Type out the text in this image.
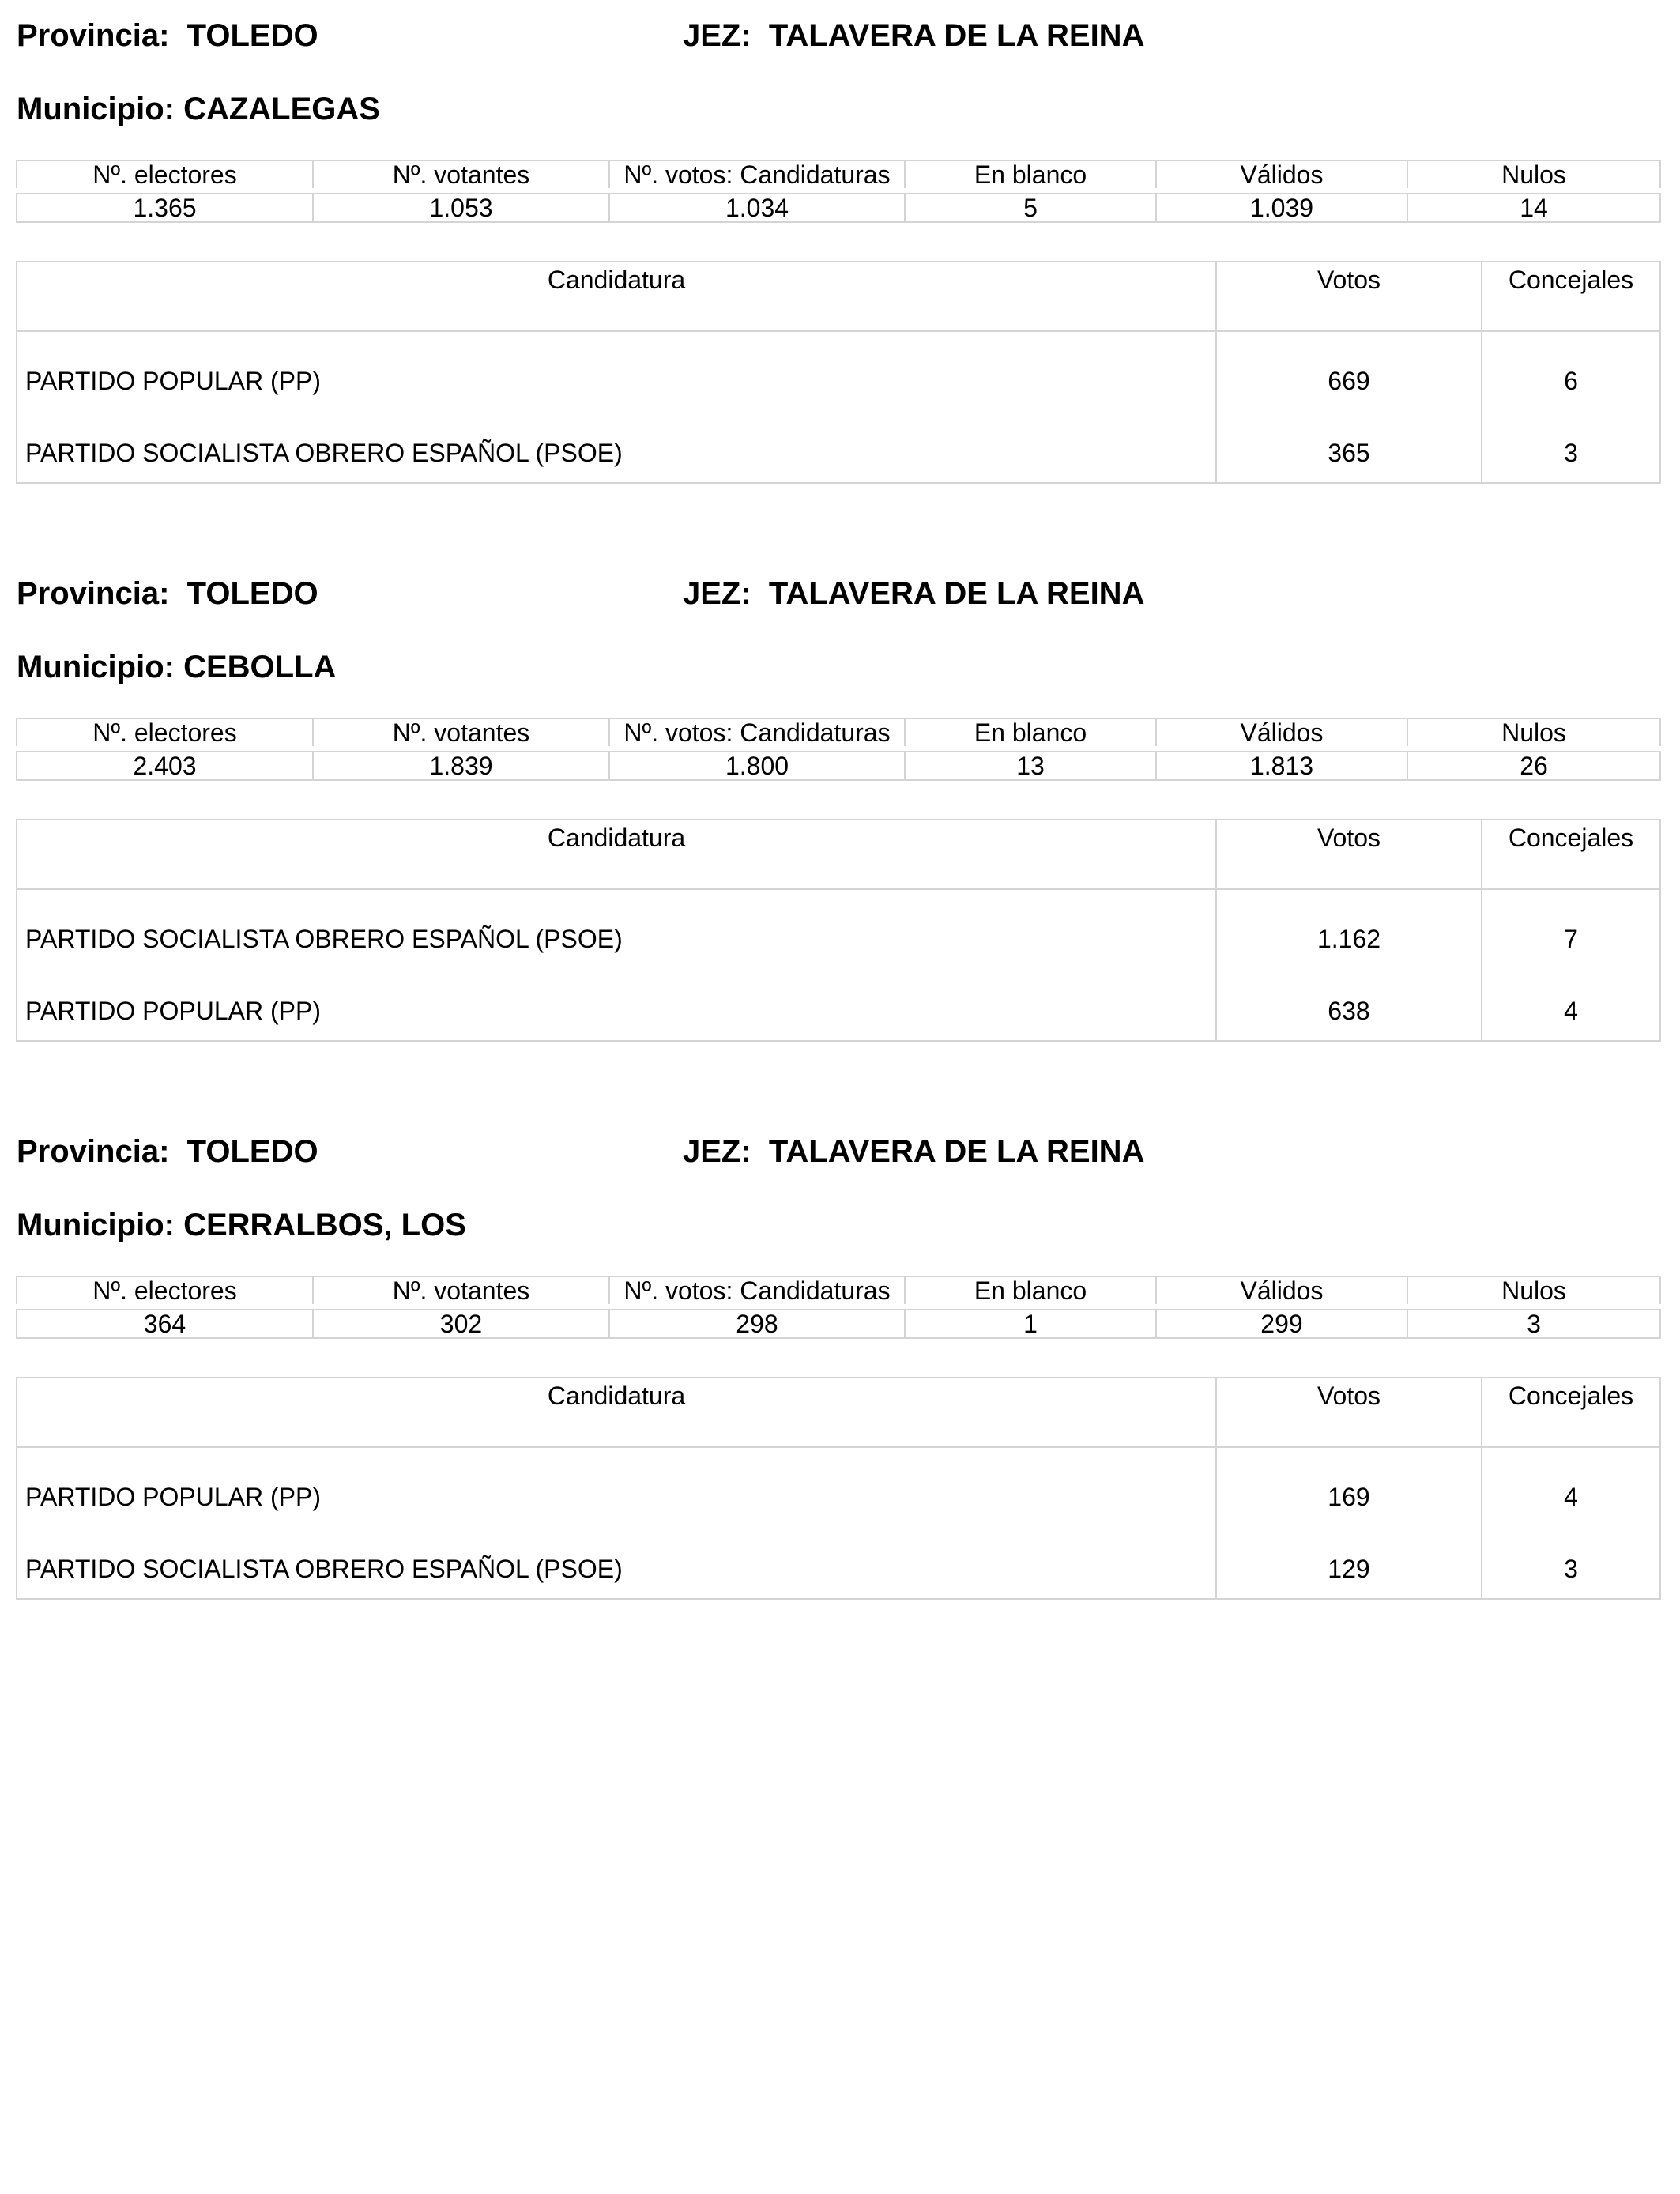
Provincia:  TOLEDO	JEZ:  TALAVERA DE LA REINA
Municipio: CAZALEGAS
Nº. electores	Nº. votantes	Nº. votos: Candidaturas	En blanco	Válidos	Nulos

1.365	1.053	1.034	5	1.039	14
Candidatura	Votos	Concejales
PARTIDO POPULAR (PP)	669	6
PARTIDO SOCIALISTA OBRERO ESPAÑOL (PSOE)	365	3
Provincia:  TOLEDO	JEZ:  TALAVERA DE LA REINA
Municipio: CEBOLLA
Nº. electores	Nº. votantes	Nº. votos: Candidaturas	En blanco	Válidos	Nulos

2.403	1.839	1.800	13	1.813	26
Candidatura	Votos	Concejales
PARTIDO SOCIALISTA OBRERO ESPAÑOL (PSOE)	1.162	7
PARTIDO POPULAR (PP)	638	4
Provincia:  TOLEDO	JEZ:  TALAVERA DE LA REINA
Municipio: CERRALBOS, LOS
Nº. electores	Nº. votantes	Nº. votos: Candidaturas	En blanco	Válidos	Nulos

364	302	298	1	299	3
Candidatura	Votos	Concejales
PARTIDO POPULAR (PP)	169	4
PARTIDO SOCIALISTA OBRERO ESPAÑOL (PSOE)	129	3
